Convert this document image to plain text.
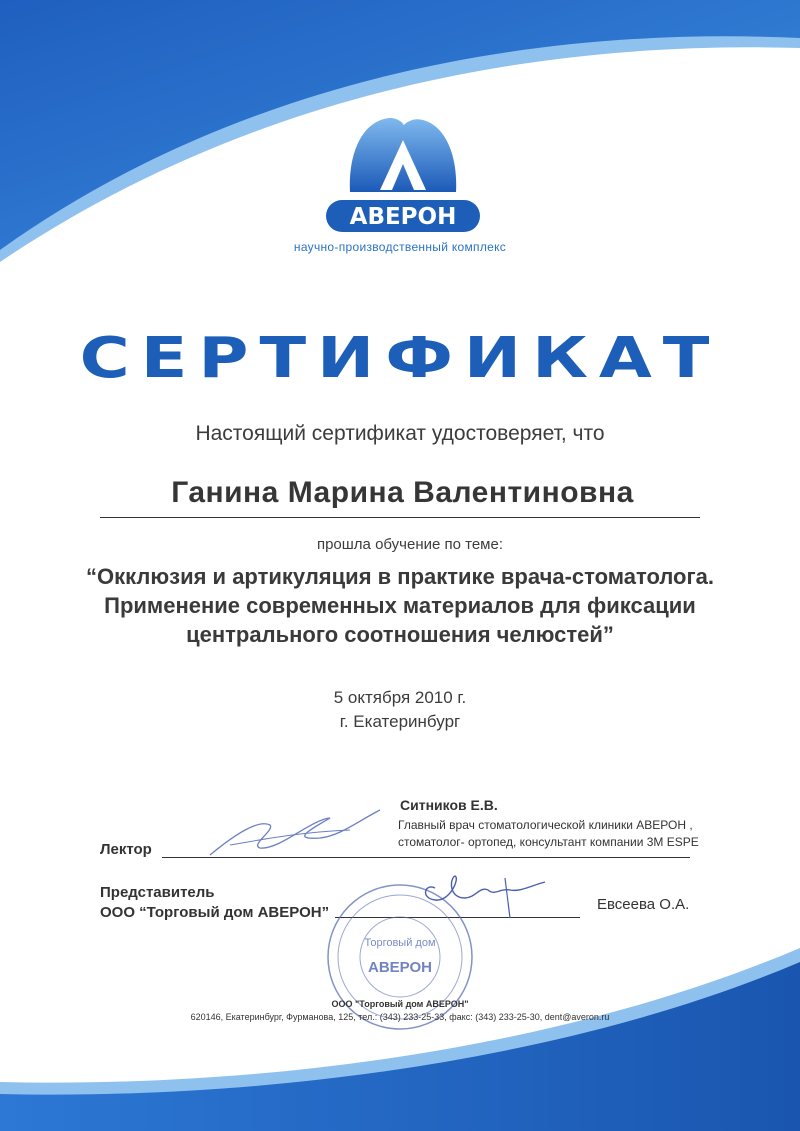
АВЕРОН
научно-производственный комплекс
СЕРТИФИКАТ
Настоящий сертификат удостоверяет, что
Ганина Марина Валентиновна
прошла обучение по теме:
“Окклюзия и артикуляция в практике врача-стоматолога.
Применение современных материалов для фиксации
центрального соотношения челюстей”
5 октября 2010 г.
г. Екатеринбург
Ситников Е.В.
Главный врач стоматологической клиники АВЕРОН ,
стоматолог- ортопед, консультант компании 3М ESPE
Лектор
Представитель
ООО “Торговый дом АВЕРОН”	Евсеева О.А.
АВЕРОН
Торговый дом
ООО "Торговый дом АВЕРОН"
620146, Екатеринбург, Фурманова, 125, тел.: (343) 233-25-33, факс: (343) 233-25-30, dent@averon.ru
